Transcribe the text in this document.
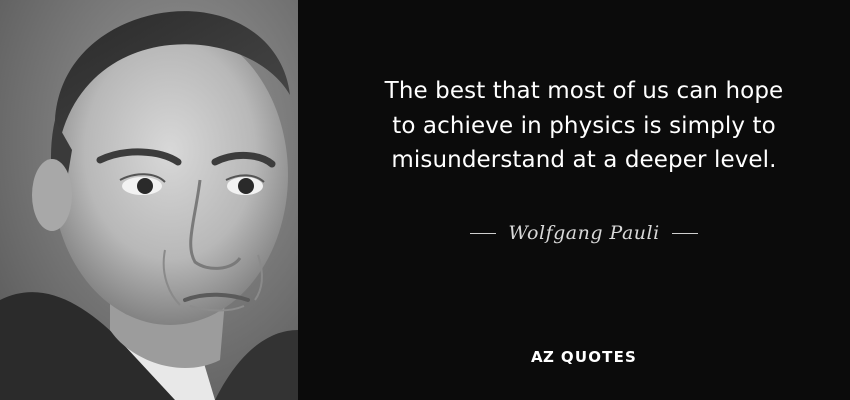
The best that most of us can hope
to achieve in physics is simply to
misunderstand at a deeper level.
Wolfgang Pauli
AZ QUOTES
